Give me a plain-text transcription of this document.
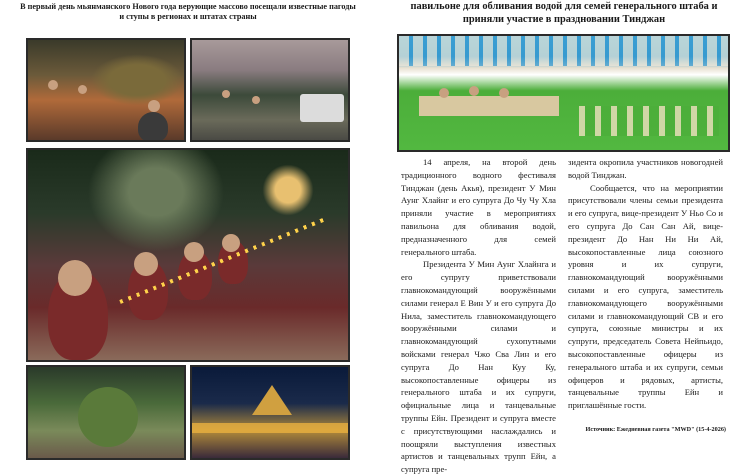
В первый день мьянманского Нового года верующие массово посещали известные пагоды и ступы в регионах и штатах страны

павильоне для обливания водой для семей генерального штаба и приняли участие в праздновании Тинджан

14 апреля, на второй день традиционного водного фестиваля Тинджан (день Акья), президент У Мин Аунг Хлайнг и его супруга До Чу Чу Хла приняли участие в мероприятиях павильона для обливания водой, предназначенного для семей генерального штаба.

Президента У Мин Аунг Хлайнга и его супругу приветствовали главнокомандующий вооружёнными силами генерал Е Вин У и его супруга До Нила, заместитель главнокомандующего вооружёнными силами и главнокомандующий сухопутными войсками генерал Чжо Сва Лин и его супруга До Нан Куу Ку, высокопоставленные офицеры из генерального штаба и их супруги, официальные лица и танцевальные труппы Ейн. Президент и супруга вместе с присутствующими наслаждались и поощряли выступления известных артистов и танцевальных трупп Ейн, а супруга пре-

зидента окропила участников новогодней водой Тинджан.

Сообщается, что на мероприятии присутствовали члены семьи президента и его супруга, вице-президент У Ньо Со и его супруга До Сан Сан Ай, вице-президент До Нан Ни Ни Ай, высокопоставленные лица союзного уровня и их супруги, главнокомандующий вооружёнными силами и его супруга, заместитель главнокомандующего вооружёнными силами и главнокомандующий СВ и его супруга, союзные министры и их супруги, председатель Совета Нейпьидо, высокопоставленные офицеры из генерального штаба и их супруги, семьи офицеров и рядовых, артисты, танцевальные труппы Ейн и приглашённые гости.

Источник: Ежедневная газета "MWD" (15-4-2026)
